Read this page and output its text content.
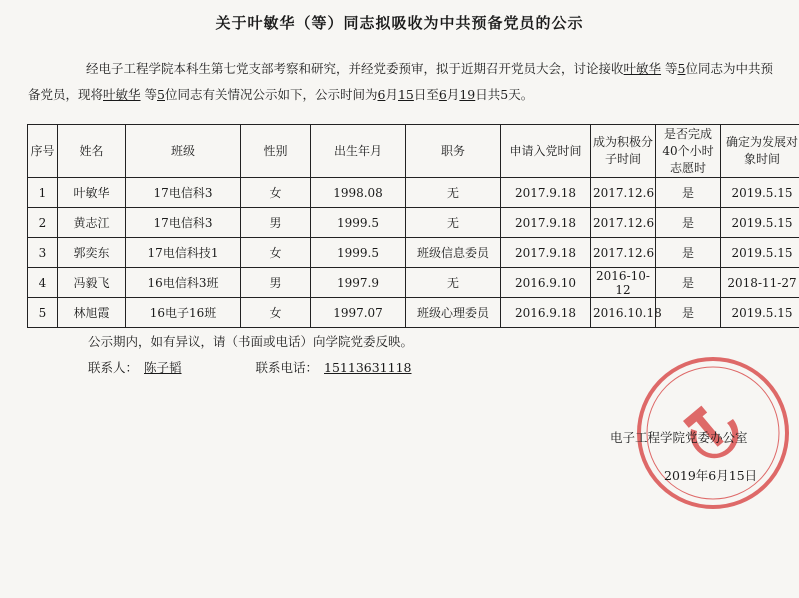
关于叶敏华（等）同志拟吸收为中共预备党员的公示
经电子工程学院本科生第七党支部考察和研究，并经党委预审，拟于近期召开党员大会，讨论接收叶敏华 等5位同志为中共预
备党员，现将叶敏华 等5位同志有关情况公示如下，公示时间为6月15日至6月19日共5天。
序号	姓名	班级	性别	出生年月	职务	申请入党时间	成为积极分子时间	是否完成40个小时志愿时	确定为发展对象时间
1	叶敏华	17电信科3	女	1998.08	无	2017.9.18	2017.12.6	是	2019.5.15
2	黄志江	17电信科3	男	1999.5	无	2017.9.18	2017.12.6	是	2019.5.15
3	郭奕东	17电信科技1	女	1999.5	班级信息委员	2017.9.18	2017.12.6	是	2019.5.15
4	冯毅飞	16电信科3班	男	1997.9	无	2016.9.10	2016-10-12	是	2018-11-27
5	林旭霞	16电子16班	女	1997.07	班级心理委员	2016.9.18	2016.10.18	是	2019.5.15
公示期内，如有异议，请（书面或电话）向学院党委反映。
联系人： 陈子韬	联系电话： 15113631118
电子工程学院党委办公室
2019年6月15日
